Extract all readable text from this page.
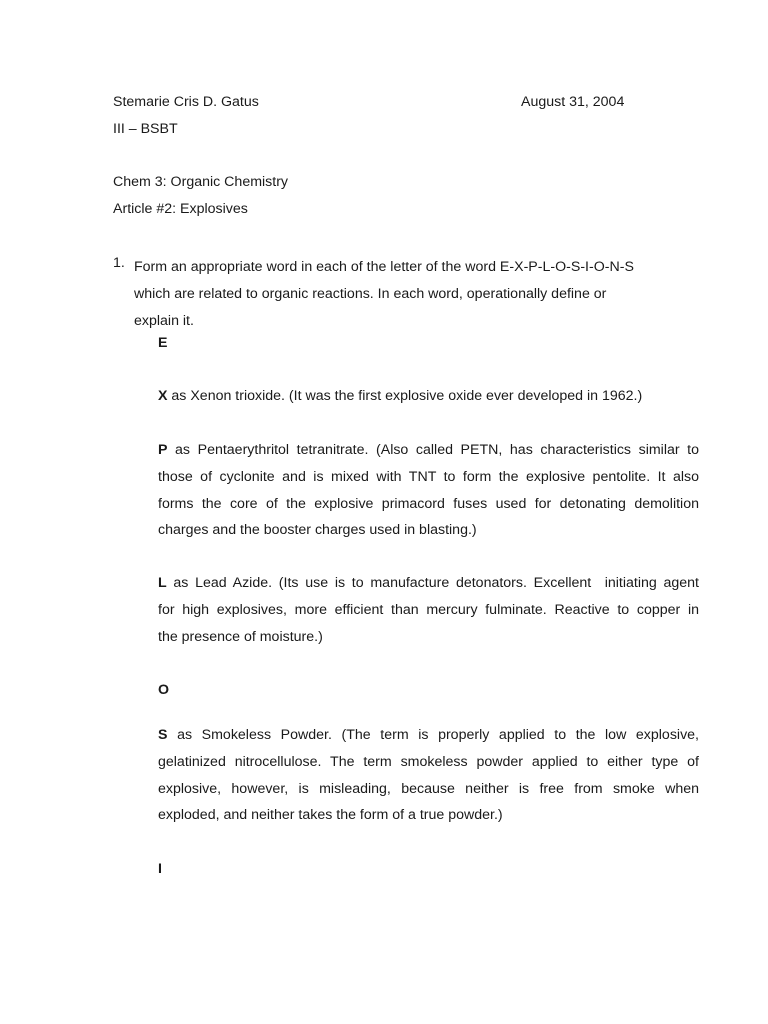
Stemarie Cris D. Gatus	August 31, 2004
III – BSBT
Chem 3: Organic Chemistry
Article #2: Explosives
1. Form an appropriate word in each of the letter of the word E-X-P-L-O-S-I-O-N-S
which are related to organic reactions. In each word, operationally define or
explain it.
E
X as Xenon trioxide. (It was the first explosive oxide ever developed in 1962.)
P as Pentaerythritol tetranitrate. (Also called PETN, has characteristics similar to
those of cyclonite and is mixed with TNT to form the explosive pentolite. It also
forms the core of the explosive primacord fuses used for detonating demolition
charges and the booster charges used in blasting.)
L as Lead Azide. (Its use is to manufacture detonators. Excellent  initiating agent
for high explosives, more efficient than mercury fulminate. Reactive to copper in
the presence of moisture.)
O
S as Smokeless Powder. (The term is properly applied to the low explosive,
gelatinized nitrocellulose. The term smokeless powder applied to either type of
explosive, however, is misleading, because neither is free from smoke when
exploded, and neither takes the form of a true powder.)
I
